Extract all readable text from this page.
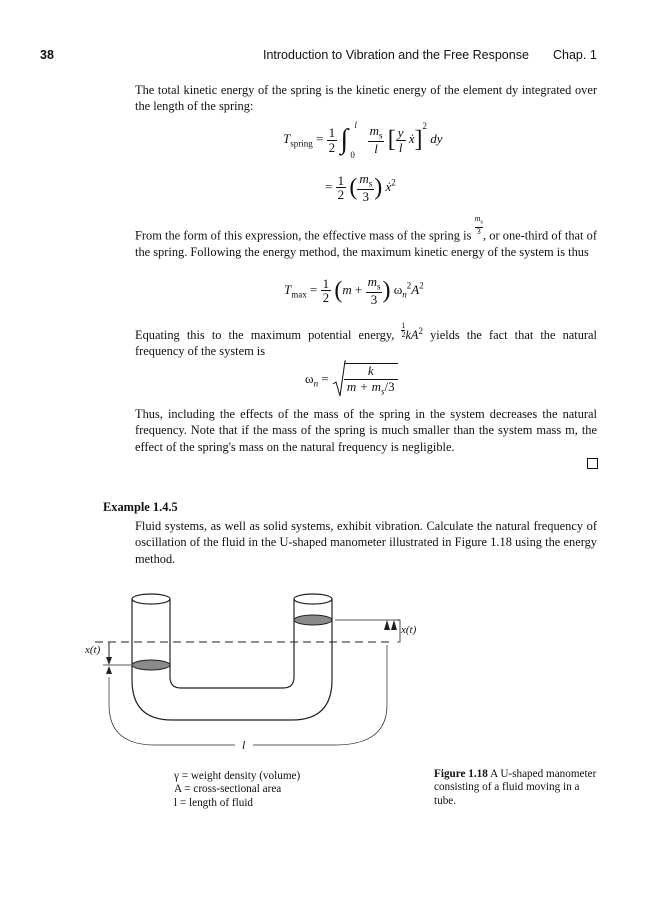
38	Introduction to Vibration and the Free Response Chap. 1
The total kinetic energy of the spring is the kinetic energy of the element dy integrated over the length of the spring:
$T_{spring} = \frac{1}{2}$ ∫ l
0
$\frac{m_s}{l}$ [ $\frac{y}{l}$ ẋ]$^2$ dy
= $\frac{1}{2}$ ( $\frac{m_s}{3}$ ) ẋ$^2$
From the form of this expression, the effective mass of the spring is $\frac{m_s}{3}$ , or one-third of that of the spring. Following the energy method, the maximum kinetic energy of the system is thus
$T_{max} = \frac{1}{2} (m + \frac{m_s}{3}$ ) $\omega_n^2A^2$
Equating this to the maximum potential energy, $\frac{1}{2} kA^2$ yields the fact that the natural frequency of the system is
$\omega_n = \frac{k}{m + m_s/3}$
Thus, including the effects of the mass of the spring in the system decreases the natural frequency. Note that if the mass of the spring is much smaller than the system mass m, the effect of the spring's mass on the natural frequency is negligible.
Example 1.4.5
Fluid systems, as well as solid systems, exhibit vibration. Calculate the natural frequency of oscillation of the fluid in the U-shaped manometer illustrated in Figure 1.18 using the energy method.
x(t)
x(t)
l
γ = weight density (volume)
A = cross-sectional area
l = length of fluid
Figure 1.18 A U-shaped manometer consisting of a fluid moving in a tube.
